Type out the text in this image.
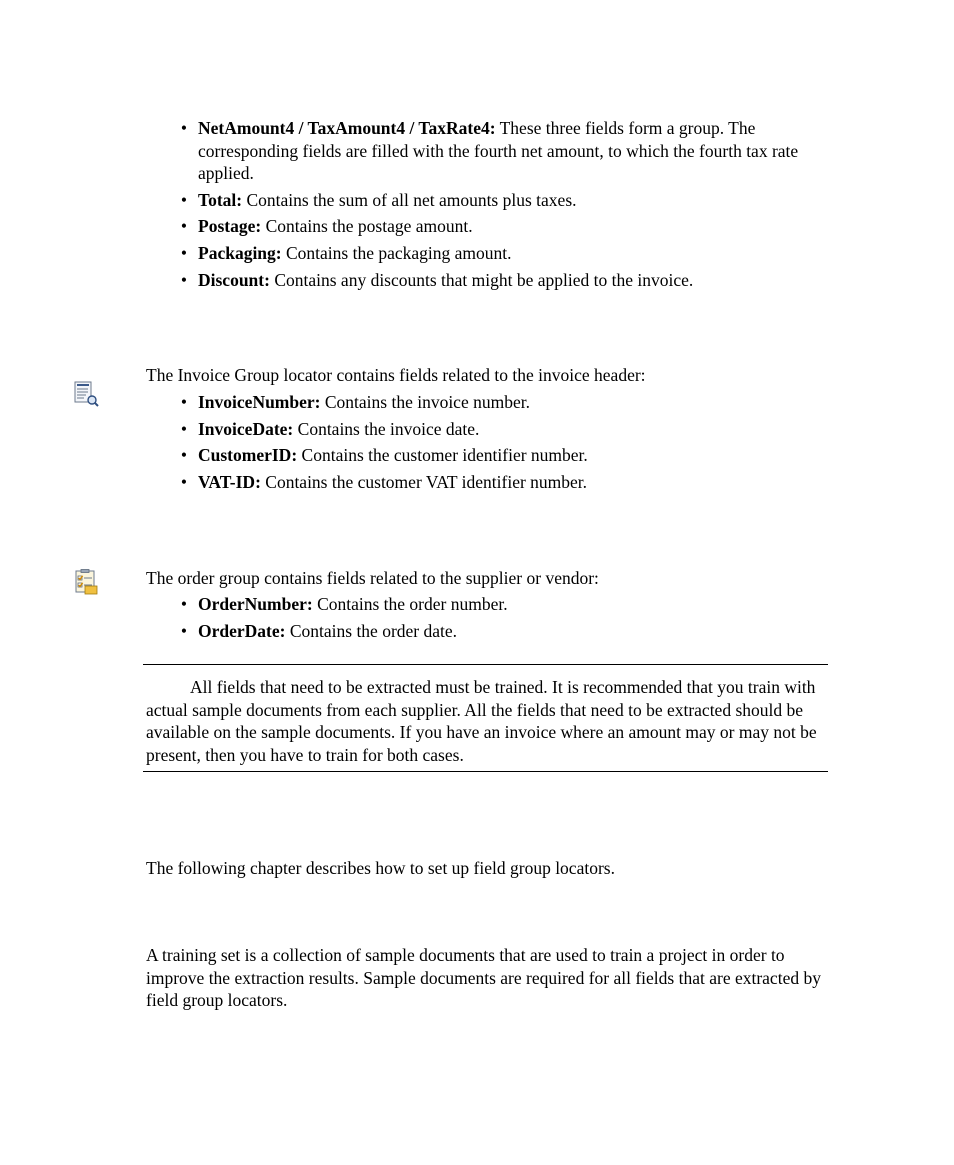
• NetAmount4 / TaxAmount4 / TaxRate4: These three fields form a group. The corresponding fields are filled with the fourth net amount, to which the fourth tax rate applied.
• Total: Contains the sum of all net amounts plus taxes.
• Postage: Contains the postage amount.
• Packaging: Contains the packaging amount.
• Discount: Contains any discounts that might be applied to the invoice.
The Invoice Group locator contains fields related to the invoice header:
• InvoiceNumber: Contains the invoice number.
• InvoiceDate: Contains the invoice date.
• CustomerID: Contains the customer identifier number.
• VAT-ID: Contains the customer VAT identifier number.
The order group contains fields related to the supplier or vendor:
• OrderNumber: Contains the order number.
• OrderDate: Contains the order date.
All fields that need to be extracted must be trained. It is recommended that you train with actual sample documents from each supplier. All the fields that need to be extracted should be available on the sample documents. If you have an invoice where an amount may or may not be present, then you have to train for both cases.
The following chapter describes how to set up field group locators.
A training set is a collection of sample documents that are used to train a project in order to improve the extraction results. Sample documents are required for all fields that are extracted by field group locators.
